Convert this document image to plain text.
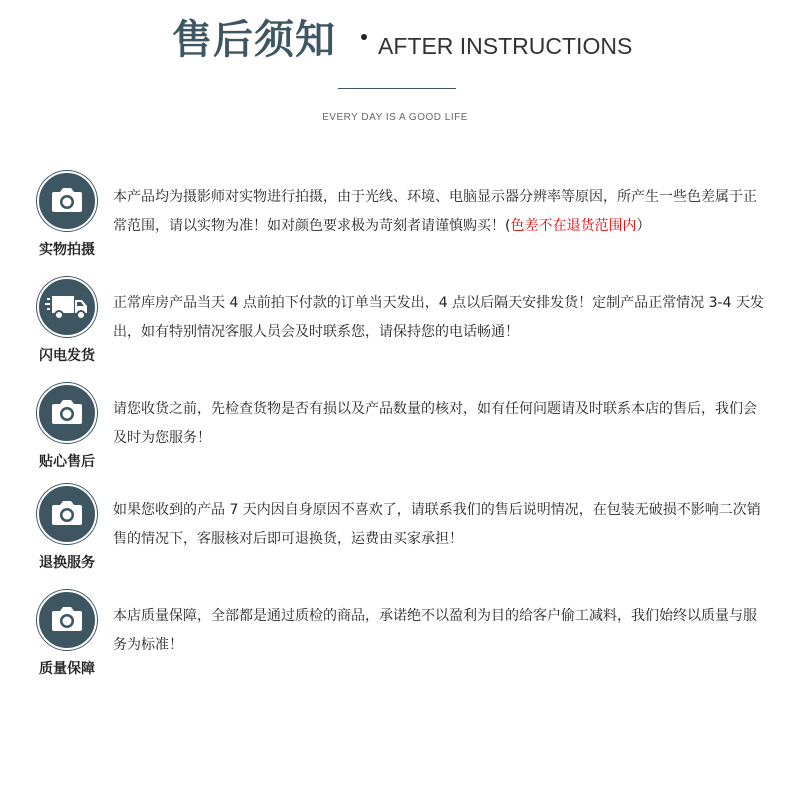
售后须知 AFTER INSTRUCTIONS
EVERY DAY IS A GOOD LIFE
实物拍摄
本产品均为摄影师对实物进行拍摄，由于光线、环境、电脑显示器分辨率等原因，所产生一些色差属于正常范围，请以实物为准！如对颜色要求极为苛刻者请谨慎购买！(色差不在退货范围内）
闪电发货
正常库房产品当天 4 点前拍下付款的订单当天发出，4 点以后隔天安排发货！定制产品正常情况 3-4 天发出，如有特别情况客服人员会及时联系您，请保持您的电话畅通！
贴心售后
请您收货之前，先检查货物是否有损以及产品数量的核对，如有任何问题请及时联系本店的售后，我们会及时为您服务！
退换服务
如果您收到的产品 7 天内因自身原因不喜欢了，请联系我们的售后说明情况，在包装无破损不影响二次销售的情况下，客服核对后即可退换货，运费由买家承担！
质量保障
本店质量保障，全部都是通过质检的商品，承诺绝不以盈利为目的给客户偷工减料，我们始终以质量与服务为标准！
